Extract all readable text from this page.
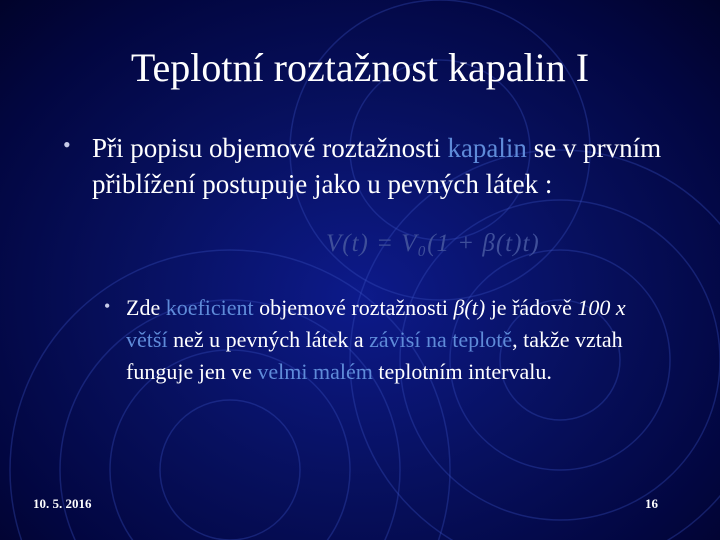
Teplotní roztažnost kapalin I
• Při popisu objemové roztažnosti kapalin se v prvním přiblížení postupuje jako u pevných látek :
V(t) = V₀(1 + β(t)t)
• Zde koeficient objemové roztažnosti β(t) je řádově 100 x větší než u pevných látek a závisí na teplotě, takže vztah funguje jen ve velmi malém teplotním intervalu.
10. 5. 2016	16
